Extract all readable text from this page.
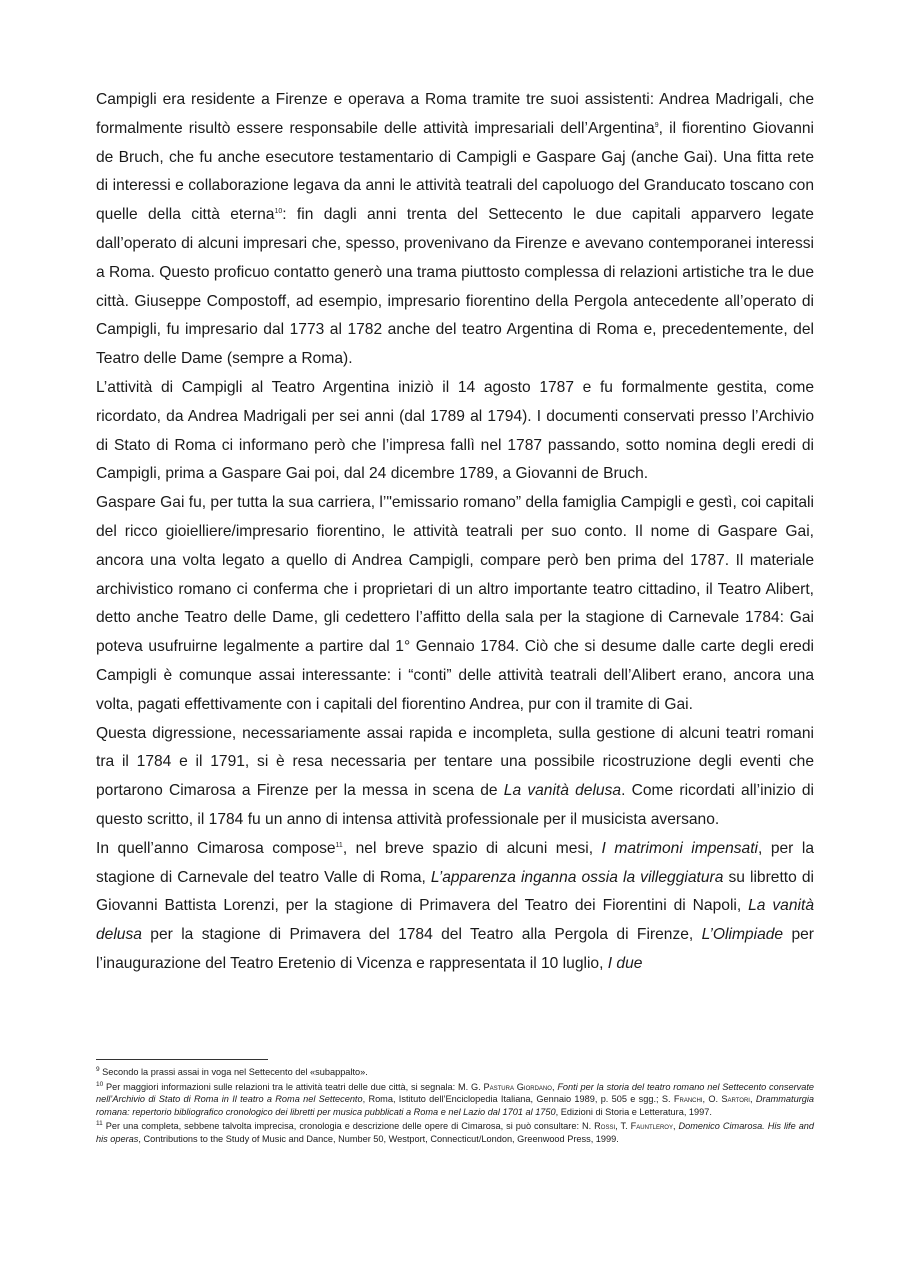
Campigli era residente a Firenze e operava a Roma tramite tre suoi assistenti: Andrea Madrigali, che formalmente risultò essere responsabile delle attività impresariali dell’Argentina$^9$, il fiorentino Giovanni de Bruch, che fu anche esecutore testamentario di Campigli e Gaspare Gaj (anche Gai). Una fitta rete di interessi e collaborazione legava da anni le attività teatrali del capoluogo del Granducato toscano con quelle della città eterna$^{10}$: fin dagli anni trenta del Settecento le due capitali apparvero legate dall’operato di alcuni impresari che, spesso, provenivano da Firenze e avevano contemporanei interessi a Roma. Questo proficuo contatto generò una trama piuttosto complessa di relazioni artistiche tra le due città. Giuseppe Compostoff, ad esempio, impresario fiorentino della Pergola antecedente all’operato di Campigli, fu impresario dal 1773 al 1782 anche del teatro Argentina di Roma e, precedentemente, del Teatro delle Dame (sempre a Roma).

L’attività di Campigli al Teatro Argentina iniziò il 14 agosto 1787 e fu formalmente gestita, come ricordato, da Andrea Madrigali per sei anni (dal 1789 al 1794). I documenti conservati presso l’Archivio di Stato di Roma ci informano però che l’impresa fallì nel 1787 passando, sotto nomina degli eredi di Campigli, prima a Gaspare Gai poi, dal 24 dicembre 1789, a Giovanni de Bruch.

Gaspare Gai fu, per tutta la sua carriera, l’"emissario romano” della famiglia Campigli e gestì, coi capitali del ricco gioielliere/impresario fiorentino, le attività teatrali per suo conto. Il nome di Gaspare Gai, ancora una volta legato a quello di Andrea Campigli, compare però ben prima del 1787. Il materiale archivistico romano ci conferma che i proprietari di un altro importante teatro cittadino, il Teatro Alibert, detto anche Teatro delle Dame, gli cedettero l’affitto della sala per la stagione di Carnevale 1784: Gai poteva usufruirne legalmente a partire dal 1° Gennaio 1784. Ciò che si desume dalle carte degli eredi Campigli è comunque assai interessante: i “conti” delle attività teatrali dell’Alibert erano, ancora una volta, pagati effettivamente con i capitali del fiorentino Andrea, pur con il tramite di Gai.

Questa digressione, necessariamente assai rapida e incompleta, sulla gestione di alcuni teatri romani tra il 1784 e il 1791, si è resa necessaria per tentare una possibile ricostruzione degli eventi che portarono Cimarosa a Firenze per la messa in scena de La vanità delusa. Come ricordati all’inizio di questo scritto, il 1784 fu un anno di intensa attività professionale per il musicista aversano.

In quell’anno Cimarosa compose$^{11}$, nel breve spazio di alcuni mesi, I matrimoni impensati, per la stagione di Carnevale del teatro Valle di Roma, L’apparenza inganna ossia la villeggiatura su libretto di Giovanni Battista Lorenzi, per la stagione di Primavera del Teatro dei Fiorentini di Napoli, La vanità delusa per la stagione di Primavera del 1784 del Teatro alla Pergola di Firenze, L’Olimpiade per l’inaugurazione del Teatro Eretenio di Vicenza e rappresentata il 10 luglio, I due

$^9$ Secondo la prassi assai in voga nel Settecento del «subappalto».

$^{10}$ Per maggiori informazioni sulle relazioni tra le attività teatri delle due città, si segnala: M. G. Pastura Giordano, Fonti per la storia del teatro romano nel Settecento conservate nell’Archivio di Stato di Roma in Il teatro a Roma nel Settecento, Roma, Istituto dell’Enciclopedia Italiana, Gennaio 1989, p. 505 e sgg.; S. Franchi, O. Sartori, Drammaturgia romana: repertorio bibliografico cronologico dei libretti per musica pubblicati a Roma e nel Lazio dal 1701 al 1750, Edizioni di Storia e Letteratura, 1997.

$^{11}$ Per una completa, sebbene talvolta imprecisa, cronologia e descrizione delle opere di Cimarosa, si può consultare: N. Rossi, T. Fauntleroy, Domenico Cimarosa. His life and his operas, Contributions to the Study of Music and Dance, Number 50, Westport, Connecticut/London, Greenwood Press, 1999.
